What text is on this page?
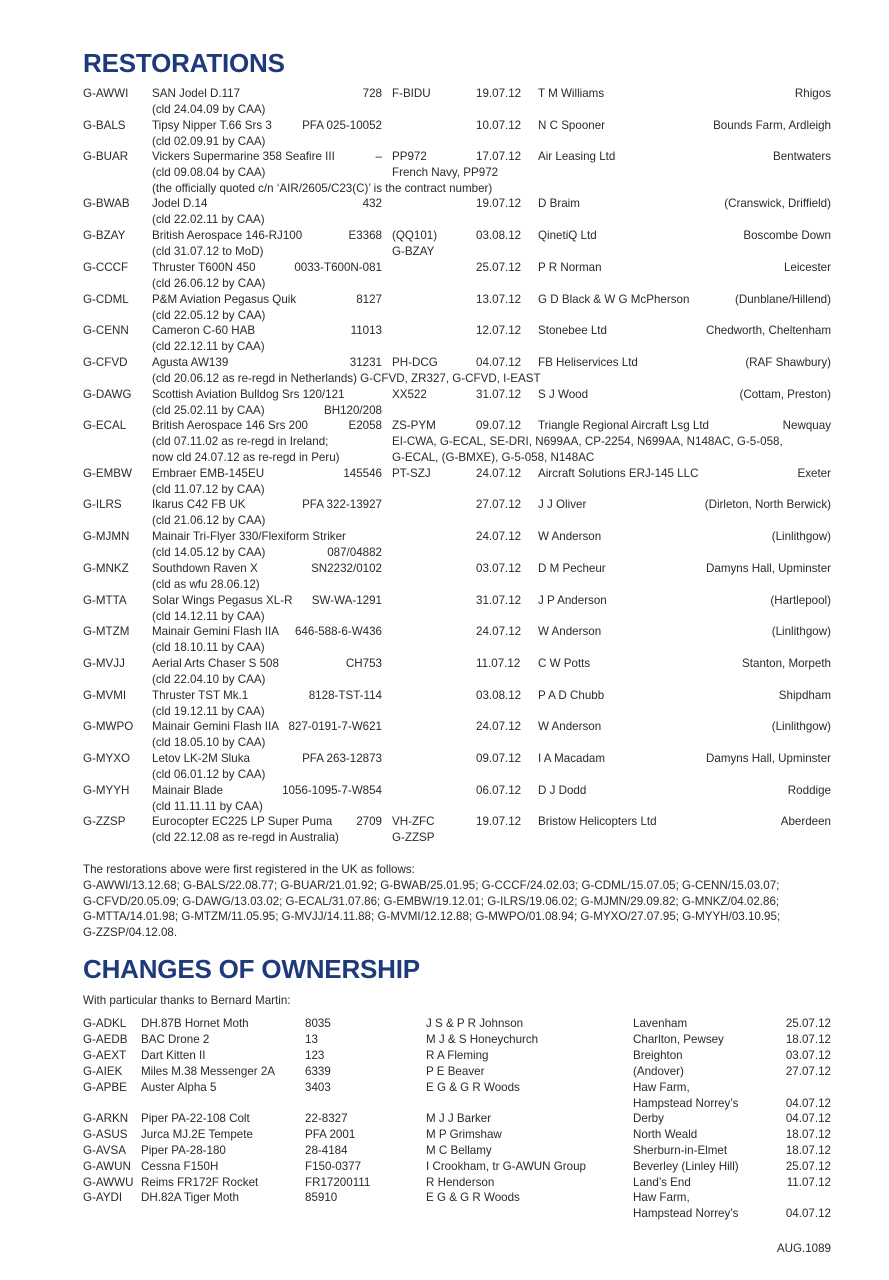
RESTORATIONS
G-AWWI SAN Jodel D.117	728 F-BIDU	19.07.12 T M Williams	Rhigos
(cld 24.04.09 by CAA)
G-BALS Tipsy Nipper T.66 Srs 3	PFA 025-10052	10.07.12 N C Spooner	Bounds Farm, Ardleigh
(cld 02.09.91 by CAA)
G-BUAR Vickers Supermarine 358 Seafire III	– PP972	17.07.12 Air Leasing Ltd	Bentwaters
(cld 09.08.04 by CAA)	French Navy, PP972
(the officially quoted c/n ‘AIR/2605/C23(C)’ is the contract number)
G-BWAB Jodel D.14	432	19.07.12 D Braim	(Cranswick, Driffield)
(cld 22.02.11 by CAA)
G-BZAY British Aerospace 146-RJ100	E3368 (QQ101)	03.08.12 QinetiQ Ltd	Boscombe Down
(cld 31.07.12 to MoD)	G-BZAY
G-CCCF Thruster T600N 450	0033-T600N-081	25.07.12 P R Norman	Leicester
(cld 26.06.12 by CAA)
G-CDML P&M Aviation Pegasus Quik	8127	13.07.12 G D Black & W G McPherson	(Dunblane/Hillend)
(cld 22.05.12 by CAA)
G-CENN Cameron C-60 HAB	11013	12.07.12 Stonebee Ltd	Chedworth, Cheltenham
(cld 22.12.11 by CAA)
G-CFVD Agusta AW139	31231 PH-DCG	04.07.12 FB Heliservices Ltd	(RAF Shawbury)
(cld 20.06.12 as re-regd in Netherlands) G-CFVD, ZR327, G-CFVD, I-EAST
G-DAWG Scottish Aviation Bulldog Srs 120/121	XX522	31.07.12 S J Wood	(Cottam, Preston)
(cld 25.02.11 by CAA)	BH120/208
G-ECAL British Aerospace 146 Srs 200	E2058 ZS-PYM	09.07.12 Triangle Regional Aircraft Lsg Ltd	Newquay
(cld 07.11.02 as re-regd in Ireland;
now cld 24.07.12 as re-regd in Peru)
EI-CWA, G-ECAL, SE-DRI, N699AA, CP-2254, N699AA, N148AC, G-5-058,
G-ECAL, (G-BMXE), G-5-058, N148AC
G-EMBW Embraer EMB-145EU	145546 PT-SZJ	24.07.12 Aircraft Solutions ERJ-145 LLC	Exeter
(cld 11.07.12 by CAA)
G-ILRS	Ikarus C42 FB UK	PFA 322-13927	27.07.12 J J Oliver	(Dirleton, North Berwick)
(cld 21.06.12 by CAA)
G-MJMN Mainair Tri-Flyer 330/Flexiform Striker	24.07.12 W Anderson	(Linlithgow)
(cld 14.05.12 by CAA)	087/04882
G-MNKZ Southdown Raven X	SN2232/0102	03.07.12 D M Pecheur	Damyns Hall, Upminster
(cld as wfu 28.06.12)
G-MTTA Solar Wings Pegasus XL-R SW-WA-1291	31.07.12 J P Anderson	(Hartlepool)
(cld 14.12.11 by CAA)
G-MTZM Mainair Gemini Flash IIA 646-588-6-W436	24.07.12 W Anderson	(Linlithgow)
(cld 18.10.11 by CAA)
G-MVJJ Aerial Arts Chaser S 508	CH753	11.07.12 C W Potts	Stanton, Morpeth
(cld 22.04.10 by CAA)
G-MVMI Thruster TST Mk.1	8128-TST-114	03.08.12 P A D Chubb	Shipdham
(cld 19.12.11 by CAA)
G-MWPO Mainair Gemini Flash IIA 827-0191-7-W621	24.07.12 W Anderson	(Linlithgow)
(cld 18.05.10 by CAA)
G-MYXO Letov LK-2M Sluka	PFA 263-12873	09.07.12 I A Macadam	Damyns Hall, Upminster
(cld 06.01.12 by CAA)
G-MYYH Mainair Blade	1056-1095-7-W854	06.07.12 D J Dodd	Roddige
(cld 11.11.11 by CAA)
G-ZZSP Eurocopter EC225 LP Super Puma 2709 VH-ZFC	19.07.12 Bristow Helicopters Ltd	Aberdeen
(cld 22.12.08 as re-regd in Australia)	G-ZZSP

The restorations above were first registered in the UK as follows:

G-AWWI/13.12.68; G-BALS/22.08.77; G-BUAR/21.01.92; G-BWAB/25.01.95; G-CCCF/24.02.03; G-CDML/15.07.05; G-CENN/15.03.07;

G-CFVD/20.05.09; G-DAWG/13.03.02; G-ECAL/31.07.86; G-EMBW/19.12.01; G-ILRS/19.06.02; G-MJMN/29.09.82; G-MNKZ/04.02.86;

G-MTTA/14.01.98; G-MTZM/11.05.95; G-MVJJ/14.11.88; G-MVMI/12.12.88; G-MWPO/01.08.94; G-MYXO/27.07.95; G-MYYH/03.10.95;

G-ZZSP/04.12.08.

CHANGES OF OWNERSHIP

With particular thanks to Bernard Martin:

G-ADKL DH.87B Hornet Moth	8035	J S & P R Johnson	Lavenham	25.07.12
G-AEDB BAC Drone 2	13	M J & S Honeychurch	Charlton, Pewsey	18.07.12
G-AEXT Dart Kitten II	123	R A Fleming	Breighton	03.07.12
G-AIEK Miles M.38 Messenger 2A	6339	P E Beaver	(Andover)	27.07.12
G-APBE Auster Alpha 5	3403	E G & G R Woods	Haw Farm,
Hampstead Norrey’s	04.07.12
G-ARKN Piper PA-22-108 Colt	22-8327	M J J Barker	Derby	04.07.12
G-ASUS Jurca MJ.2E Tempete	PFA 2001	M P Grimshaw	North Weald	18.07.12
G-AVSA Piper PA-28-180	28-4184	M C Bellamy	Sherburn-in-Elmet	18.07.12
G-AWUN Cessna F150H	F150-0377	I Crookham, tr G-AWUN Group	Beverley (Linley Hill)	25.07.12
G-AWWU Reims FR172F Rocket	FR17200111	R Henderson	Land’s End	11.07.12
G-AYDI DH.82A Tiger Moth	85910	E G & G R Woods	Haw Farm,
Hampstead Norrey’s	04.07.12
AUG.1089
